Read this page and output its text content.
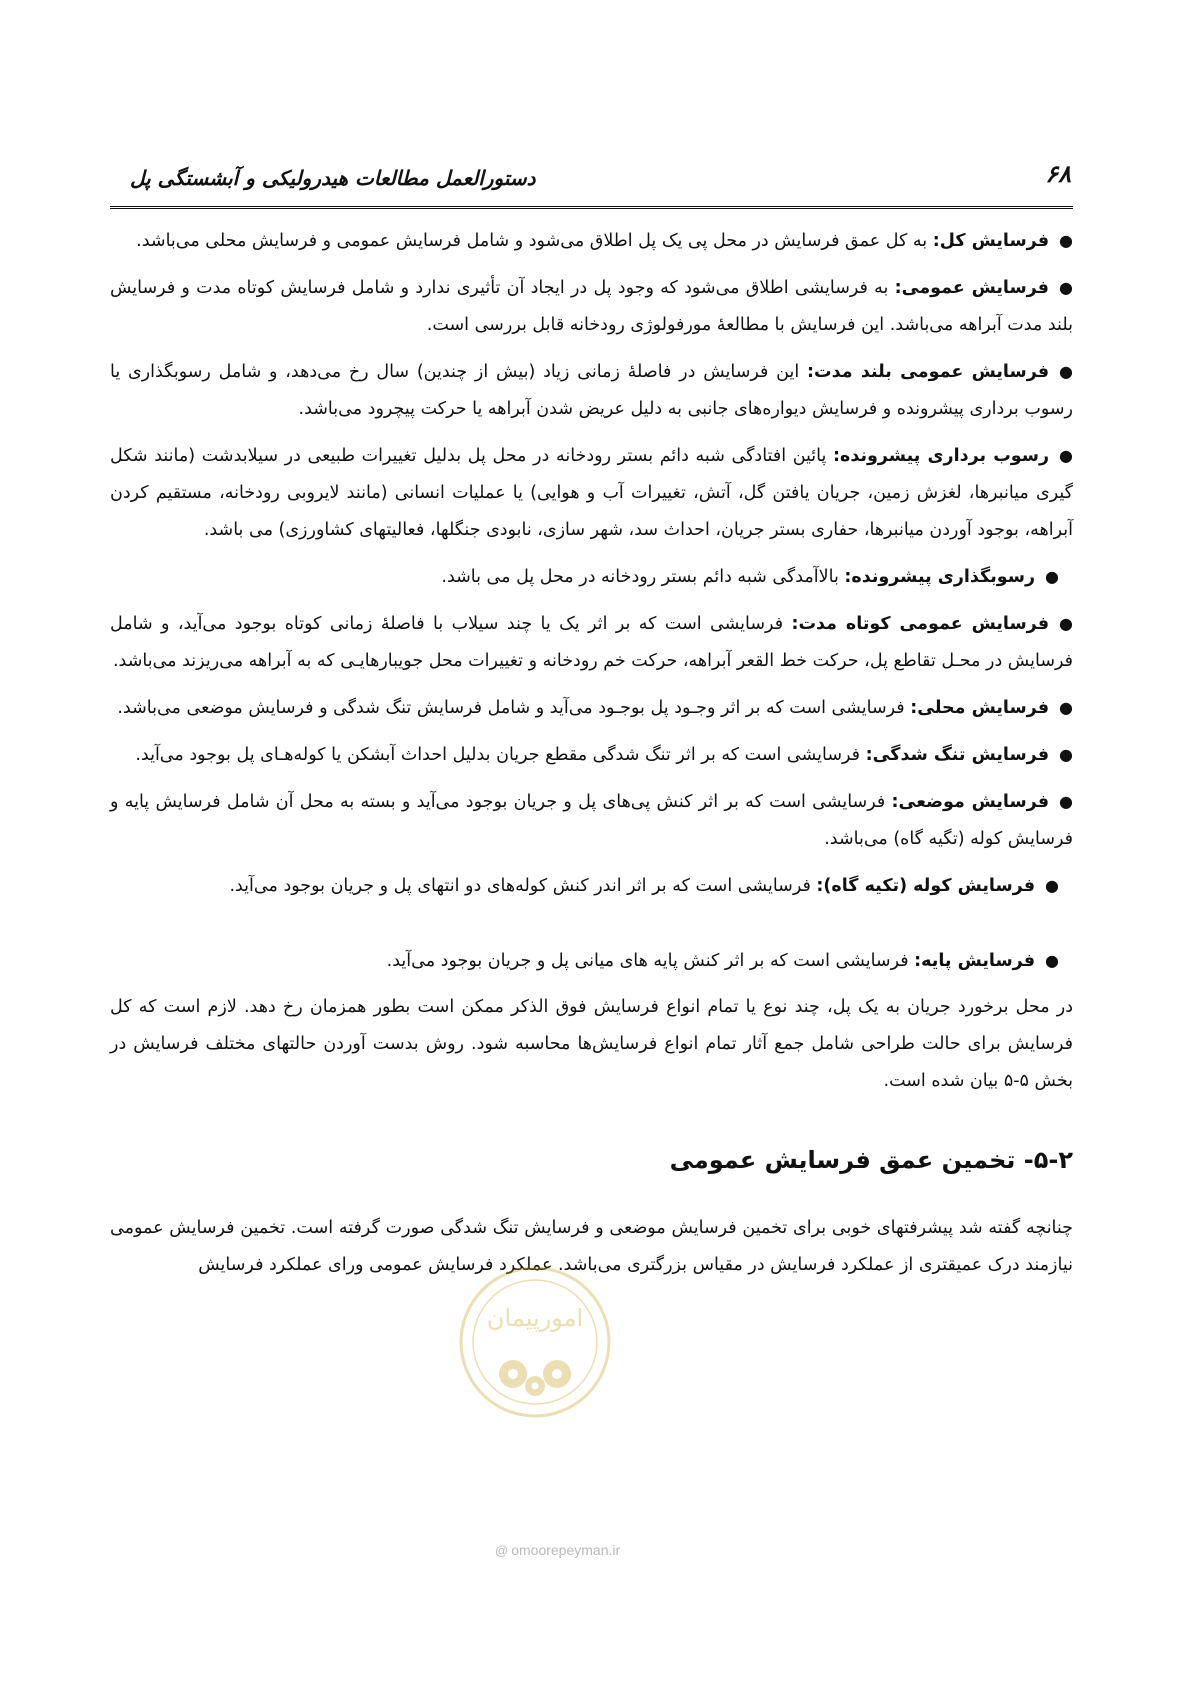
۶۸
دستورالعمل مطالعات هیدرولیکی و آبشستگی پل
●فرسایش کل: به کل عمق فرسایش در محل پی یک پل اطلاق می‌شود و شامل فرسایش عمومی و فرسایش محلی می‌باشد.
●فرسایش عمومی: به فرسایشی اطلاق می‌شود که وجود پل در ایجاد آن تأثیری ندارد و شامل فرسایش کوتاه مدت و فرسایش بلند مدت آبراهه می‌باشد. این فرسایش با مطالعهٔ مورفولوژی رودخانه قابل بررسی است.
●فرسایش عمومی بلند مدت: این فرسایش در فاصلهٔ زمانی زیاد (بیش از چندین) سال رخ می‌دهد، و شامل رسوبگذاری یا رسوب برداری پیشرونده و فرسایش دیواره‌های جانبی به دلیل عریض شدن آبراهه یا حرکت پیچرود می‌باشد.
●رسوب برداری پیشرونده: پائین افتادگی شبه دائم بستر رودخانه در محل پل بدلیل تغییرات طبیعی در سیلابدشت (مانند شکل گیری میانبرها، لغزش زمین، جریان یافتن گل، آتش، تغییرات آب و هوایی) یا عملیات انسانی (مانند لایروبی رودخانه، مستقیم کردن آبراهه، بوجود آوردن میانبرها، حفاری بستر جریان، احداث سد، شهر سازی، نابودی جنگلها، فعالیتهای کشاورزی) می باشد.
●رسوبگذاری پیشرونده: بالاآمدگی شبه دائم بستر رودخانه در محل پل می باشد.
●فرسایش عمومی کوتاه مدت: فرسایشی است که بر اثر یک یا چند سیلاب با فاصلهٔ زمانی کوتاه بوجود می‌آید، و شامل فرسایش در محـل تقاطع پل، حرکت خط القعر آبراهه، حرکت خم رودخانه و تغییرات محل جویبارهایـی که به آبراهه می‌ریزند می‌باشد.
●فرسایش محلی: فرسایشی است که بر اثر وجـود پل بوجـود می‌آید و شامل فرسایش تنگ شدگی و فرسایش موضعی می‌باشد.
●فرسایش تنگ شدگی: فرسایشی است که بر اثر تنگ شدگی مقطع جریان بدلیل احداث آبشکن یا کوله‌هـای پل بوجود می‌آید.
●فرسایش موضعی: فرسایشی است که بر اثر کنش پی‌های پل و جریان بوجود می‌آید و بسته به محل آن شامل فرسایش پایه و فرسایش کوله (تگیه گاه) می‌باشد.
●فرسایش کوله (تکیه گاه): فرسایشی است که بر اثر اندر کنش کوله‌های دو انتهای پل و جریان بوجود می‌آید.
●فرسایش پایه: فرسایشی است که بر اثر کنش پایه های میانی پل و جریان بوجود می‌آید.

در محل برخورد جریان به یک پل، چند نوع یا تمام انواع فرسایش فوق الذکر ممکن است بطور همزمان رخ دهد. لازم است که کل فرسایش برای حالت طراحی شامل جمع آثار تمام انواع فرسایش‌ها محاسبه شود. روش بدست آوردن حالتهای مختلف فرسایش در بخش ۵-۵ بیان شده است.

۵-۲- تخمین عمق فرسایش عمومی

چنانچه گفته شد پیشرفتهای خوبی برای تخمین فرسایش موضعی و فرسایش تنگ شدگی صورت گرفته است. تخمین فرسایش عمومی نیازمند درک عمیقتری از عملکرد فرسایش در مقیاس بزرگتری می‌باشد. عملکرد فرسایش عمومی ورای عملکرد فرسایش

امورپیمان
@ omoorepeyman.ir
